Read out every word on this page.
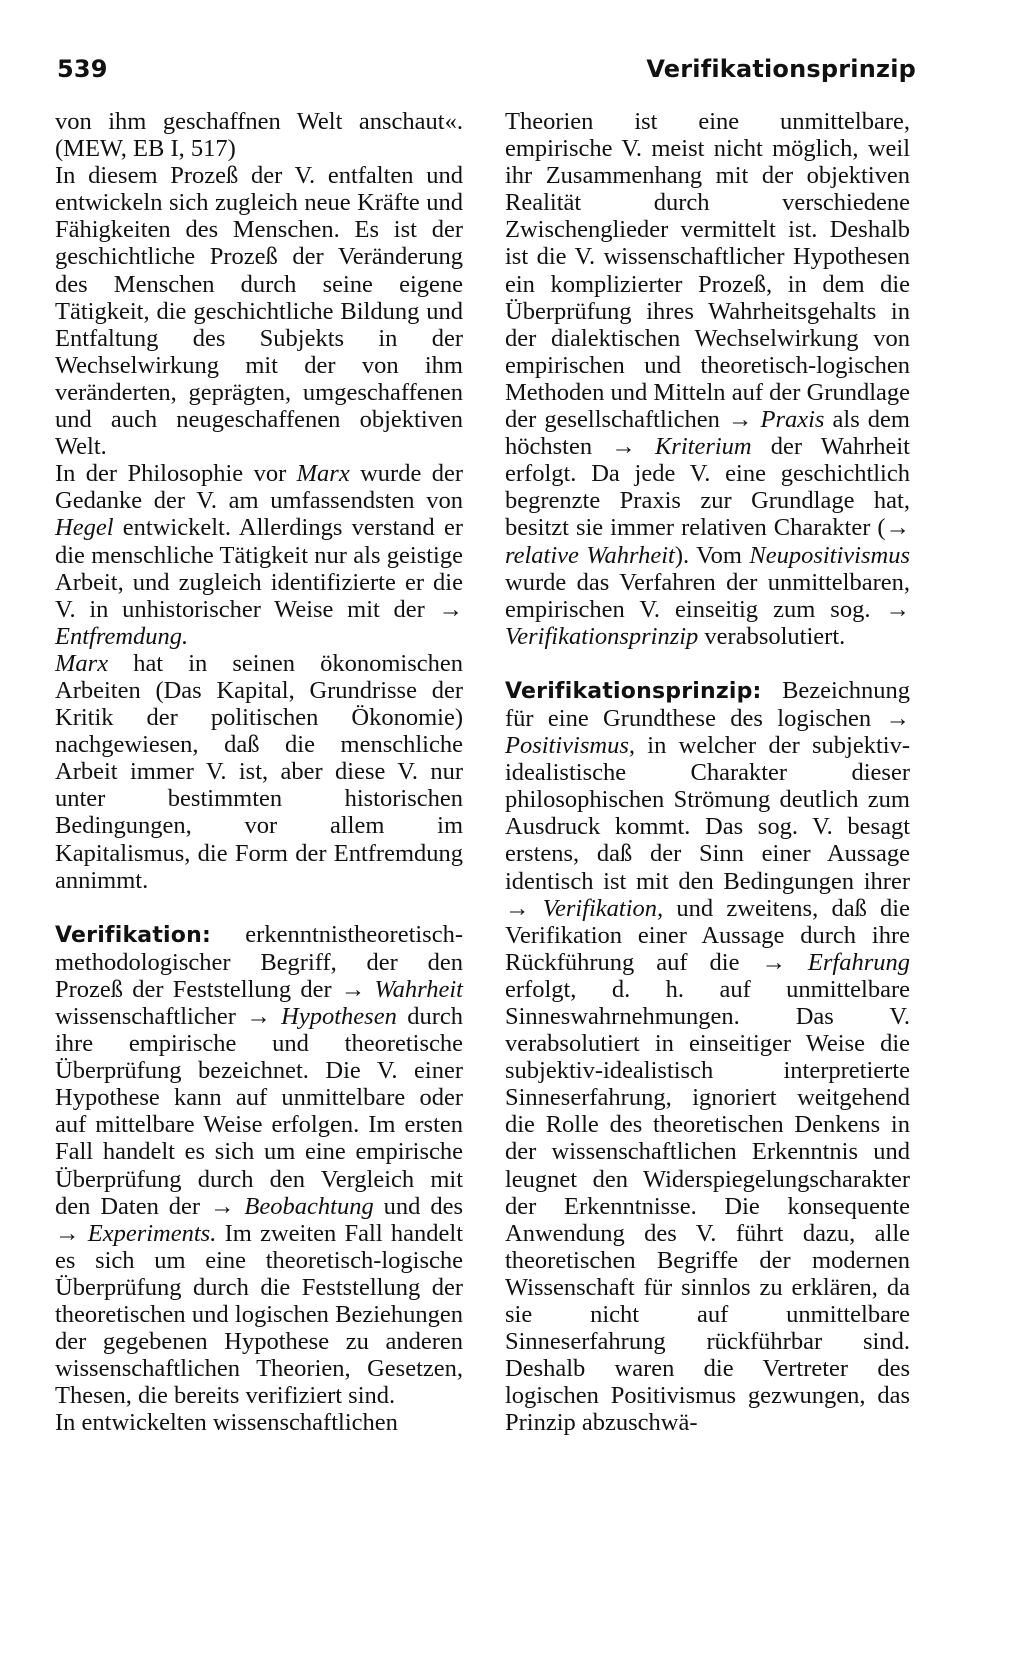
539	Verifikationsprinzip

von ihm geschaffnen Welt anschaut«. (MEW, EB I, 517)

In diesem Prozeß der V. entfalten und entwickeln sich zugleich neue Kräfte und Fähigkeiten des Menschen. Es ist der geschichtliche Prozeß der Veränderung des Menschen durch seine eigene Tätigkeit, die geschichtliche Bildung und Entfaltung des Subjekts in der Wechselwirkung mit der von ihm veränderten, geprägten, umgeschaffenen und auch neugeschaffenen objektiven Welt.

In der Philosophie vor Marx wurde der Gedanke der V. am umfassendsten von Hegel entwickelt. Allerdings verstand er die menschliche Tätigkeit nur als geistige Arbeit, und zugleich identifizierte er die V. in unhistorischer Weise mit der → Entfremdung.

Marx hat in seinen ökonomischen Arbeiten (Das Kapital, Grundrisse der Kritik der politischen Ökonomie) nachgewiesen, daß die menschliche Arbeit immer V. ist, aber diese V. nur unter bestimmten historischen Bedingungen, vor allem im Kapitalismus, die Form der Entfremdung annimmt.

Verifikation: erkenntnistheoretisch-methodologischer Begriff, der den Prozeß der Feststellung der → Wahrheit wissenschaftlicher → Hypothesen durch ihre empirische und theoretische Überprüfung bezeichnet. Die V. einer Hypothese kann auf unmittelbare oder auf mittelbare Weise erfolgen. Im ersten Fall handelt es sich um eine empirische Überprüfung durch den Vergleich mit den Daten der → Beobachtung und des → Experiments. Im zweiten Fall handelt es sich um eine theoretisch-logische Überprüfung durch die Feststellung der theoretischen und logischen Beziehungen der gegebenen Hypothese zu anderen wissenschaftlichen Theorien, Gesetzen, Thesen, die bereits verifiziert sind.

In entwickelten wissenschaftlichen

Theorien ist eine unmittelbare, empirische V. meist nicht möglich, weil ihr Zusammenhang mit der objektiven Realität durch verschiedene Zwischenglieder vermittelt ist. Deshalb ist die V. wissenschaftlicher Hypothesen ein komplizierter Prozeß, in dem die Überprüfung ihres Wahrheitsgehalts in der dialektischen Wechselwirkung von empirischen und theoretisch-logischen Methoden und Mitteln auf der Grundlage der gesellschaftlichen → Praxis als dem höchsten → Kriterium der Wahrheit erfolgt. Da jede V. eine geschichtlich begrenzte Praxis zur Grundlage hat, besitzt sie immer relativen Charakter (→ relative Wahrheit). Vom Neupositivismus wurde das Verfahren der unmittelbaren, empirischen V. einseitig zum sog. → Verifikationsprinzip verabsolutiert.

Verifikationsprinzip: Bezeichnung für eine Grundthese des logischen → Positivismus, in welcher der subjektiv-idealistische Charakter dieser philosophischen Strömung deutlich zum Ausdruck kommt. Das sog. V. besagt erstens, daß der Sinn einer Aussage identisch ist mit den Bedingungen ihrer → Verifikation, und zweitens, daß die Verifikation einer Aussage durch ihre Rückführung auf die → Erfahrung erfolgt, d. h. auf unmittelbare Sinneswahrnehmungen. Das V. verabsolutiert in einseitiger Weise die subjektiv-idealistisch interpretierte Sinneserfahrung, ignoriert weitgehend die Rolle des theoretischen Denkens in der wissenschaftlichen Erkenntnis und leugnet den Widerspiegelungscharakter der Erkenntnisse. Die konsequente Anwendung des V. führt dazu, alle theoretischen Begriffe der modernen Wissenschaft für sinnlos zu erklären, da sie nicht auf unmittelbare Sinneserfahrung rückführbar sind. Deshalb waren die Vertreter des logischen Positivismus gezwungen, das Prinzip abzuschwä-
